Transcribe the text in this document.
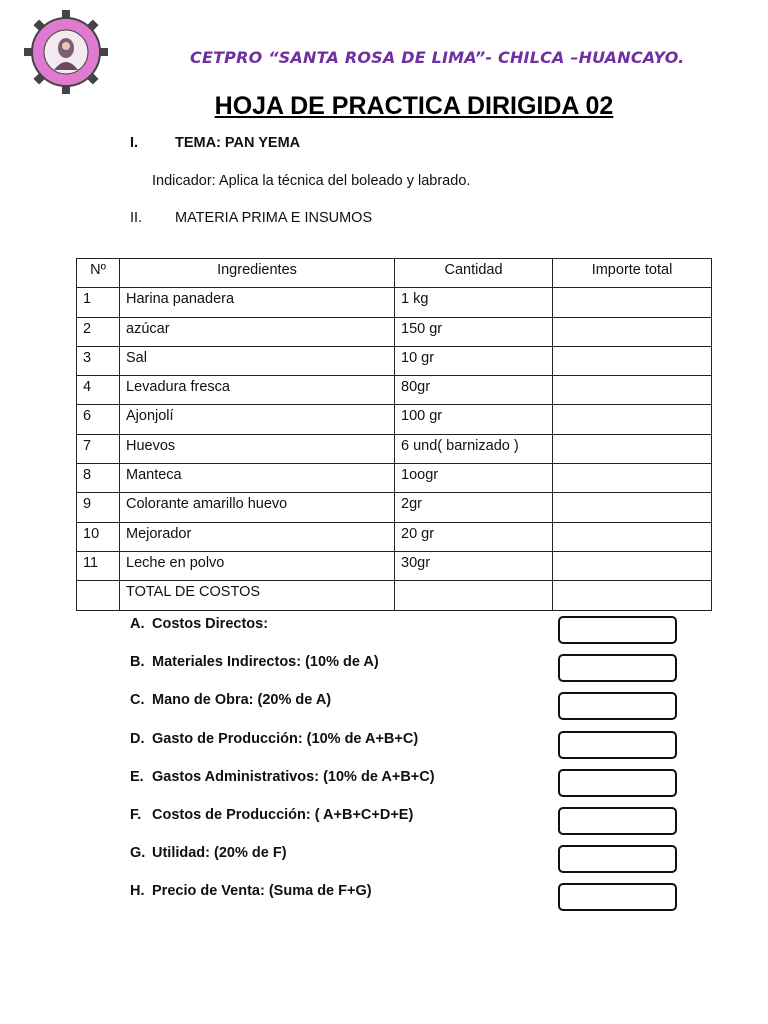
CETPRO “SANTA ROSA DE LIMA”- CHILCA –HUANCAYO.
HOJA DE PRACTICA DIRIGIDA 02
I.	TEMA: PAN YEMA
Indicador: Aplica la técnica del boleado y labrado.
II. MATERIA PRIMA E INSUMOS
Nº	Ingredientes	Cantidad	Importe total
1	Harina panadera	1 kg	
2	azúcar	150 gr	
3	Sal	10 gr	
4	Levadura fresca	80gr	
6	Ajonjolí	100 gr	
7	Huevos	6 und( barnizado )	
8	Manteca	1oogr	
9	Colorante amarillo huevo	2gr	
10	Mejorador	20 gr	
11	Leche en polvo	30gr	
	TOTAL DE COSTOS		
A. Costos Directos:
B. Materiales Indirectos: (10% de A)
C. Mano de Obra: (20% de A)
D. Gasto de Producción: (10% de A+B+C)
E. Gastos Administrativos: (10% de A+B+C)
F. Costos de Producción: ( A+B+C+D+E)
G. Utilidad: (20% de F)
H. Precio de Venta: (Suma de F+G)
